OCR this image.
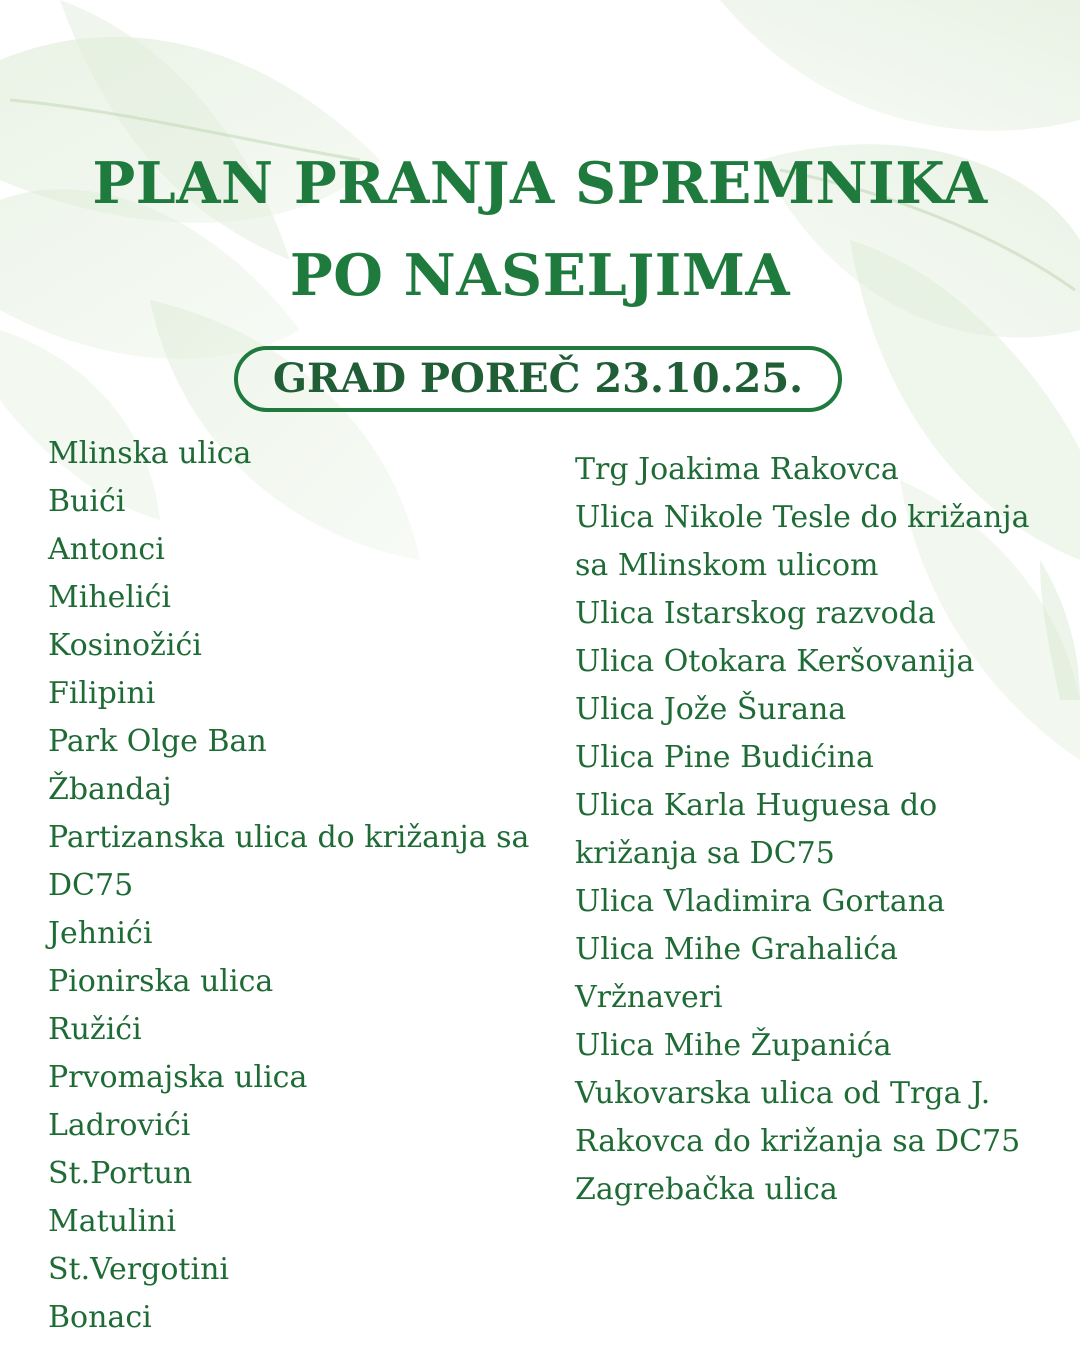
PLAN PRANJA SPREMNIKA
PO NASELJIMA
GRAD POREČ 23.10.25.
Mlinska ulica
Buići
Antonci
Mihelići
Kosinožići
Filipini
Park Olge Ban
Žbandaj
Partizanska ulica do križanja sa
DC75
Jehnići
Pionirska ulica
Ružići
Prvomajska ulica
Ladrovići
St.Portun
Matulini
St.Vergotini
Bonaci
Trg Joakima Rakovca
Ulica Nikole Tesle do križanja
sa Mlinskom ulicom
Ulica Istarskog razvoda
Ulica Otokara Keršovanija
Ulica Jože Šurana
Ulica Pine Budićina
Ulica Karla Huguesa do
križanja sa DC75
Ulica Vladimira Gortana
Ulica Mihe Grahalića
Vržnaveri
Ulica Mihe Županića
Vukovarska ulica od Trga J.
Rakovca do križanja sa DC75
Zagrebačka ulica
